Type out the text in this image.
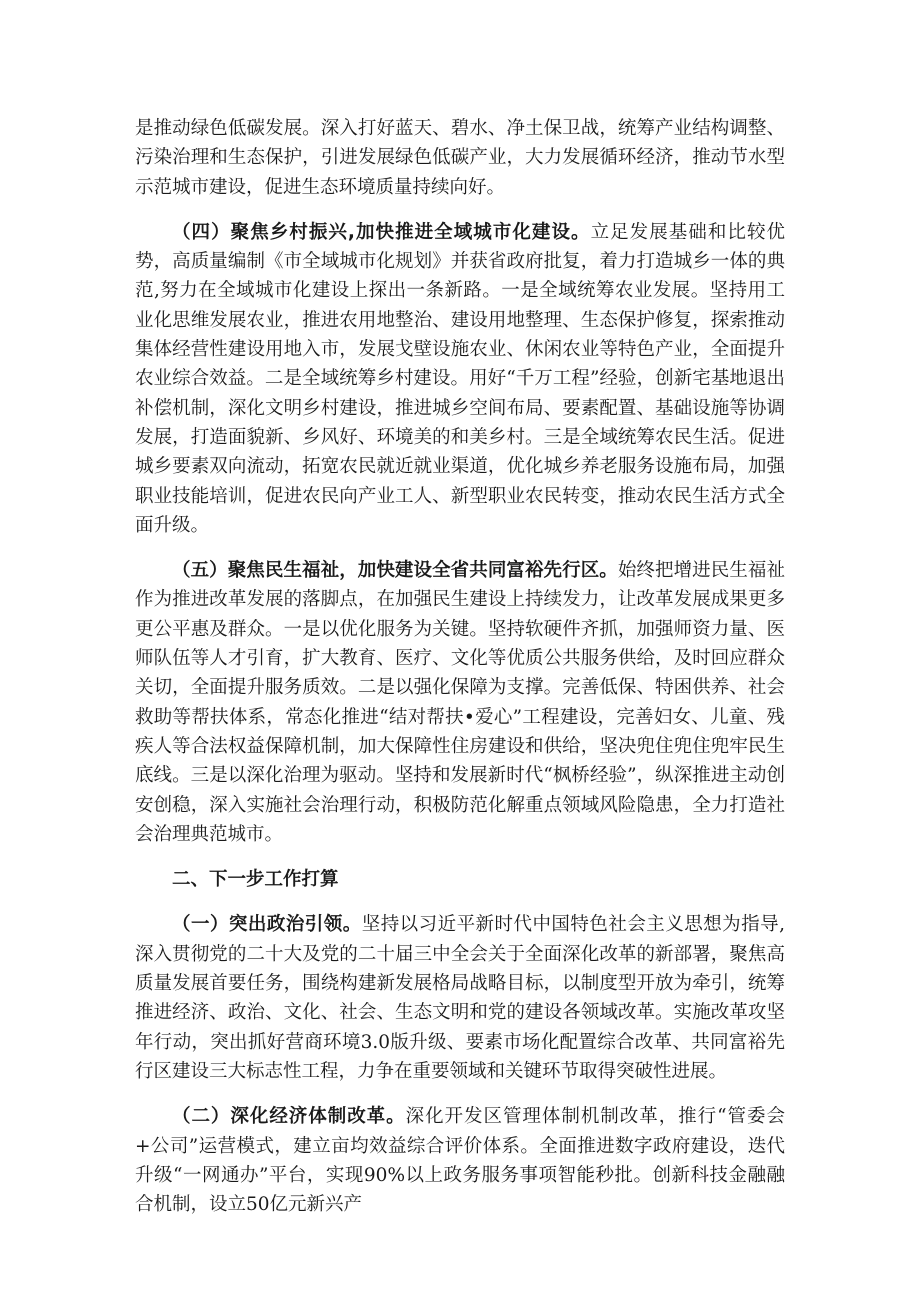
是推动绿色低碳发展。深入打好蓝天、碧水、净土保卫战，统筹产业结构调整、污染治理和生态保护，引进发展绿色低碳产业，大力发展循环经济，推动节水型示范城市建设，促进生态环境质量持续向好。

（四）聚焦乡村振兴,加快推进全域城市化建设。立足发展基础和比较优势，高质量编制《市全域城市化规划》并获省政府批复，着力打造城乡一体的典范,努力在全域城市化建设上探出一条新路。一是全域统筹农业发展。坚持用工业化思维发展农业，推进农用地整治、建设用地整理、生态保护修复，探索推动集体经营性建设用地入市，发展戈壁设施农业、休闲农业等特色产业，全面提升农业综合效益。二是全域统筹乡村建设。用好“千万工程”经验，创新宅基地退出补偿机制，深化文明乡村建设，推进城乡空间布局、要素配置、基础设施等协调发展，打造面貌新、乡风好、环境美的和美乡村。三是全域统筹农民生活。促进城乡要素双向流动，拓宽农民就近就业渠道，优化城乡养老服务设施布局，加强职业技能培训，促进农民向产业工人、新型职业农民转变，推动农民生活方式全面升级。

（五）聚焦民生福祉，加快建设全省共同富裕先行区。始终把增进民生福祉作为推进改革发展的落脚点，在加强民生建设上持续发力，让改革发展成果更多更公平惠及群众。一是以优化服务为关键。坚持软硬件齐抓，加强师资力量、医师队伍等人才引育，扩大教育、医疗、文化等优质公共服务供给，及时回应群众关切，全面提升服务质效。二是以强化保障为支撑。完善低保、特困供养、社会救助等帮扶体系，常态化推进“结对帮扶•爱心”工程建设，完善妇女、儿童、残疾人等合法权益保障机制，加大保障性住房建设和供给，坚决兜住兜住兜牢民生底线。三是以深化治理为驱动。坚持和发展新时代“枫桥经验”，纵深推进主动创安创稳，深入实施社会治理行动，积极防范化解重点领域风险隐患，全力打造社会治理典范城市。

二、下一步工作打算

（一）突出政治引领。坚持以习近平新时代中国特色社会主义思想为指导,深入贯彻党的二十大及党的二十届三中全会关于全面深化改革的新部署，聚焦高质量发展首要任务，围绕构建新发展格局战略目标，以制度型开放为牵引，统筹推进经济、政治、文化、社会、生态文明和党的建设各领域改革。实施改革攻坚年行动，突出抓好营商环境3.0版升级、要素市场化配置综合改革、共同富裕先行区建设三大标志性工程，力争在重要领域和关键环节取得突破性进展。

（二）深化经济体制改革。深化开发区管理体制机制改革，推行“管委会+公司”运营模式，建立亩均效益综合评价体系。全面推进数字政府建设，迭代升级“一网通办”平台，实现90%以上政务服务事项智能秒批。创新科技金融融合机制，设立50亿元新兴产
